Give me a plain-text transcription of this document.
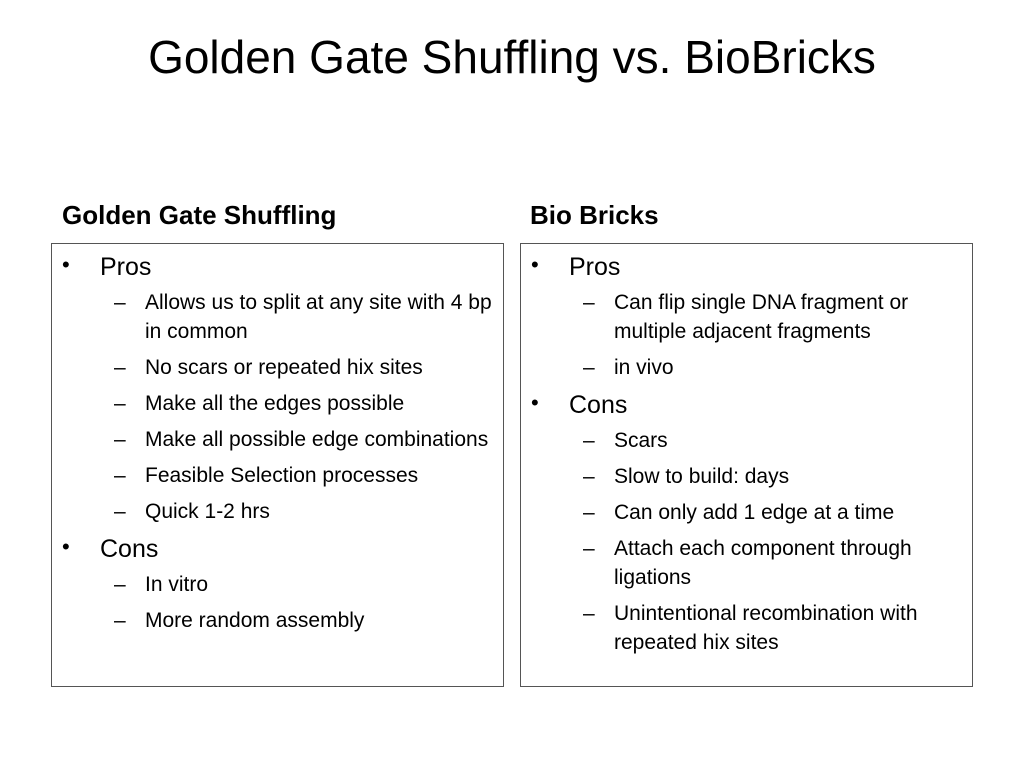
Golden Gate Shuffling vs. BioBricks
Golden Gate Shuffling	Bio Bricks
• Pros
– Allows us to split at any site with 4 bp in common
– No scars or repeated hix sites
– Make all the edges possible
– Make all possible edge combinations
– Feasible Selection processes
– Quick 1-2 hrs
• Cons
– In vitro
– More random assembly
• Pros
– Can flip single DNA fragment or multiple adjacent fragments
– in vivo
• Cons
– Scars
– Slow to build: days
– Can only add 1 edge at a time
– Attach each component through ligations
– Unintentional recombination with repeated hix sites
